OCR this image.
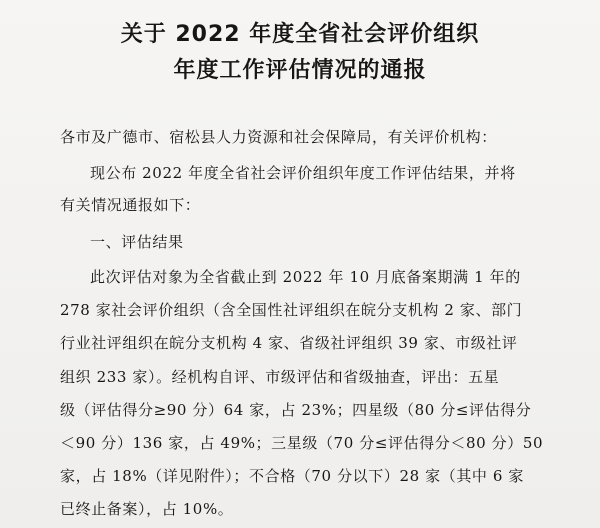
关于 2022 年度全省社会评价组织
年度工作评估情况的通报
各市及广德市、宿松县人力资源和社会保障局，有关评价机构：
现公布 2022 年度全省社会评价组织年度工作评估结果，并将
有关情况通报如下：
一、评估结果
此次评估对象为全省截止到 2022 年 10 月底备案期满 1 年的
278 家社会评价组织（含全国性社评组织在皖分支机构 2 家、部门
行业社评组织在皖分支机构 4 家、省级社评组织 39 家、市级社评
组织 233 家）。经机构自评、市级评估和省级抽查，评出：五星
级（评估得分≥90 分）64 家，占 23%；四星级（80 分≤评估得分
＜90 分）136 家，占 49%；三星级（70 分≤评估得分＜80 分）50
家，占 18%（详见附件）；不合格（70 分以下）28 家（其中 6 家
已终止备案），占 10%。
